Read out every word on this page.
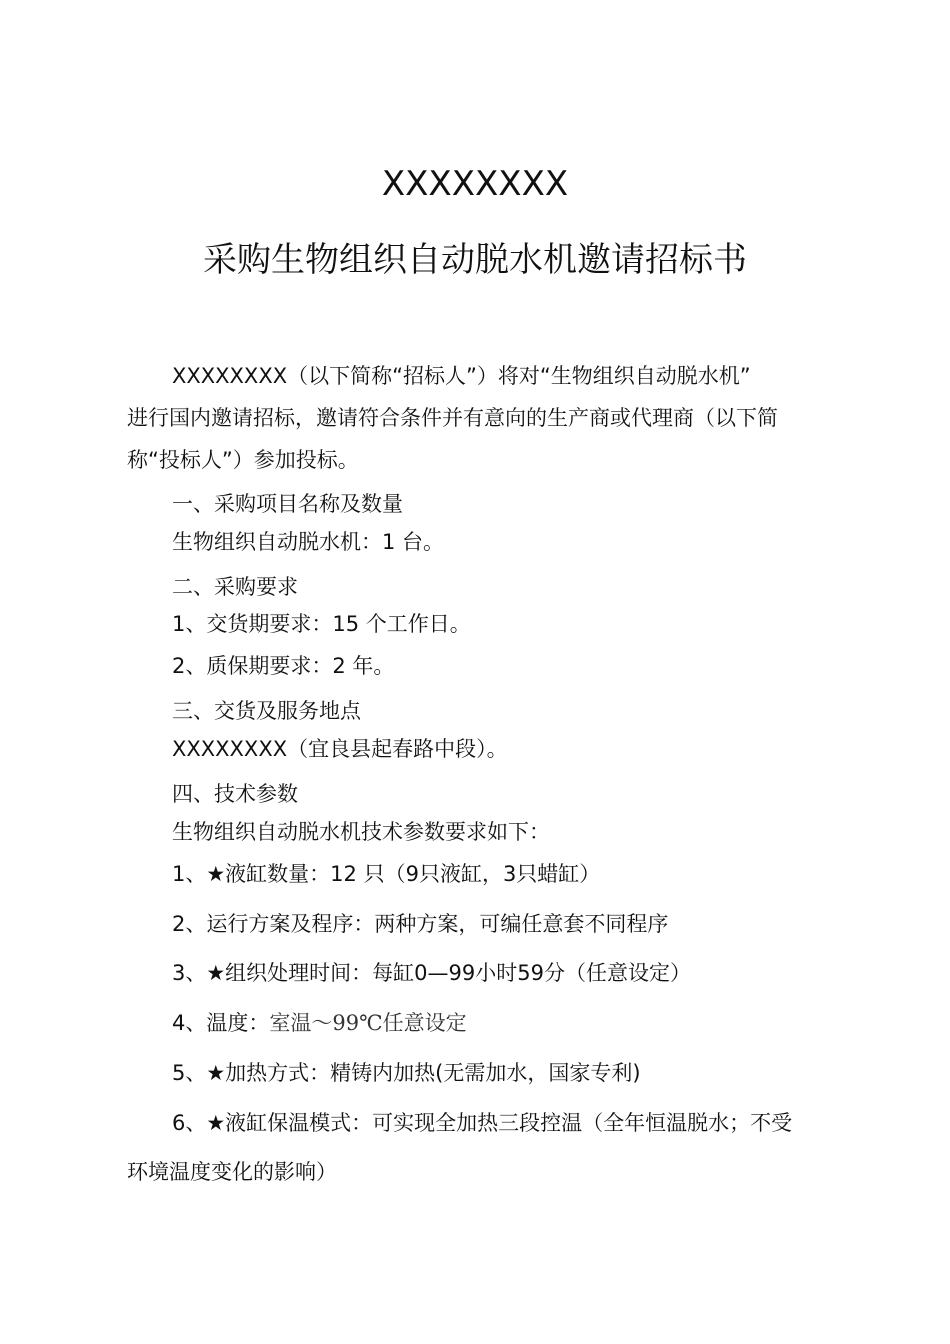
XXXXXXXX
采购生物组织自动脱水机邀请招标书
XXXXXXXX（以下简称“招标人”）将对“生物组织自动脱水机”
进行国内邀请招标，邀请符合条件并有意向的生产商或代理商（以下简
称“投标人”）参加投标。
一、采购项目名称及数量
生物组织自动脱水机：1 台。
二、采购要求
1、交货期要求：15 个工作日。
2、质保期要求：2 年。
三、交货及服务地点
XXXXXXXX（宜良县起春路中段）。
四、技术参数
生物组织自动脱水机技术参数要求如下：
1、★液缸数量：12 只（9只液缸，3只蜡缸）
2、运行方案及程序：两种方案，可编任意套不同程序
3、★组织处理时间：每缸0—99小时59分（任意设定）
4、温度：室温～99℃任意设定
5、★加热方式：精铸内加热(无需加水，国家专利)
6、★液缸保温模式：可实现全加热三段控温（全年恒温脱水；不受
环境温度变化的影响）
